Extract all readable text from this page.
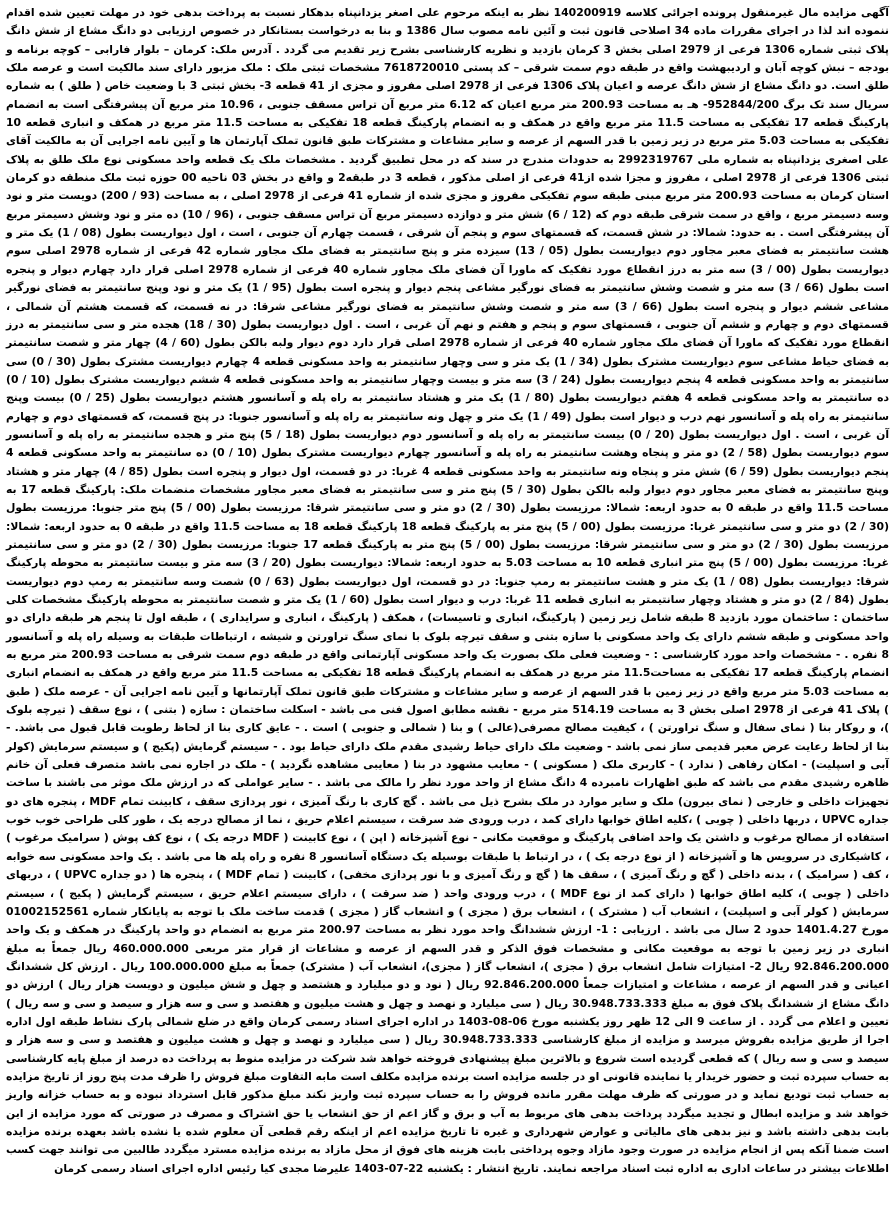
آگهی مزایده مال غیرمنقول پرونده اجرائی کلاسه 140200919 نظر به اینکه مرحوم علی اصغر یزدانپناه بدهکار نسبت به پرداخت بدهی خود در مهلت تعیین شده اقدام ننموده اند لذا در اجرای مقررات ماده 34 اصلاحی قانون ثبت و آئین نامه مصوب سال 1386 و بنا به درخواست بستانکار در خصوص ارزیابی دو دانگ مشاع از شش دانگ پلاک ثبتی شماره 1306 فرعی از 2979 اصلی بخش 3 کرمان بازدید و نظریه کارشناسی بشرح زیر تقدیم می گردد . آدرس ملک: کرمان – بلوار فارابی – کوچه برنامه و بودجه – نبش کوچه آبان و اردیبهشت واقع در طبقه دوم سمت شرقی – کد پستی 7618720010 مشخصات ثبتی ملک : ملک مزبور دارای سند مالکیت است و عرصه ملک طلق است. دو دانگ مشاع از شش دانگ عرصه و اعیان پلاک 1306 فرعی از 2978 اصلی مفروز و مجزی از 41 قطعه 3- بخش ثبتی 3 با وضعیت خاص ( طلق ) به شماره سریال سند تک برگ 952844/200- هـ به مساحت 200.93 متر مربع اعیان که 6.12 متر مربع آن تراس مسقف جنوبی ، 10.96 متر مربع آن پیشرفتگی است به انضمام پارکینگ قطعه 17 تفکیکی به مساحت 11.5 متر مربع واقع در همکف و به انضمام پارکینگ قطعه 18 تفکیکی به مساحت 11.5 متر مربع در همکف و انباری قطعه 10 تفکیکی به مساحت 5.03 متر مربع در زیر زمین با قدر السهم از عرصه و سایر مشاعات و مشترکات طبق قانون تملک آپارتمان ها و آیین نامه اجرایی آن به مالکیت آقای علی اصغری یزدانپناه به شماره ملی 2992319767 به حدودات مندرج در سند که در محل تطبیق گردید . مشخصات ملک یک قطعه واحد مسکونی نوع ملک طلق به پلاک ثبتی 1306 فرعی از 2978 اصلی ، مفروز و مجزا شده از41 فرعی از اصلی مذکور ، قطعه 3 در طبقه2 و واقع در بخش 03 ناحیه 00 حوزه ثبت ملک منطقه دو کرمان استان کرمان به مساحت 200.93 متر مربع مبنی طبقه سوم تفکیکی مفروز و مجزی شده از شماره 41 فرعی از 2978 اصلی ، به مساحت (93 / 200) دویست متر و نود وسه دسیمتر مربع ، واقع در سمت شرقی طبقه دوم که (12 / 6) شش متر و دوازده دسیمتر مربع آن تراس مسقف جنوبی ، (96 / 10) ده متر و نود وشش دسیمتر مربع آن پیشرفتگی است . به حدود: شمالا: در شش قسمت، که قسمتهای سوم و پنجم آن شرقی ، قسمت چهارم آن جنوبی ، است ، اول دیواریست بطول (08 / 1) یک متر و هشت سانتیمتر به فضای معبر مجاور دوم دیواریست بطول (05 / 13) سیزده متر و پنج سانتیمتر به فضای ملک مجاور شماره 42 فرعی از شماره 2978 اصلی سوم دیواریست بطول (00 / 3) سه متر به درز انقطاع مورد تفکیک که ماورا آن فضای ملک مجاور شماره 40 فرعی از شماره 2978 اصلی قرار دارد چهارم دیوار و پنجره است بطول (66 / 3) سه متر و شصت وشش سانتیمتر به فضای نورگیر مشاعی پنجم دیوار و پنجره است بطول (95 / 1) یک متر و نود وپنج سانتیمتر به فضای نورگیر مشاعی ششم دیوار و پنجره است بطول (66 / 3) سه متر و شصت وشش سانتیمتر به فضای نورگیر مشاعی شرقا: در نه قسمت، که قسمت هشتم آن شمالی ، قسمتهای دوم و چهارم و ششم آن جنوبی ، قسمتهای سوم و پنجم و هفتم و نهم آن غربی ، است . اول دیواریست بطول (30 / 18) هجده متر و سی سانتیمتر به درز انقطاع مورد تفکیک که ماورا آن فضای ملک مجاور شماره 40 فرعی از شماره 2978 اصلی قرار دارد دوم دیوار ولبه بالکن بطول (60 / 4) چهار متر و شصت سانتیمتر به فضای حیاط مشاعی سوم دیواریست مشترک بطول (34 / 1) یک متر و سی وچهار سانتیمتر به واحد مسکونی قطعه 4 چهارم دیواریست مشترک بطول (30 / 0) سی سانتیمتر به واحد مسکونی قطعه 4 پنجم دیواریست بطول (24 / 3) سه متر و بیست وچهار سانتیمتر به واحد مسکونی قطعه 4 ششم دیواریست مشترک بطول (10 / 0) ده سانتیمتر به واحد مسکونی قطعه 4 هفتم دیواریست بطول (80 / 1) یک متر و هشتاد سانتیمتر به راه پله و آسانسور هشتم دیواریست بطول (25 / 0) بیست وپنج سانتیمتر به راه پله و آسانسور نهم درب و دیوار است بطول (49 / 1) یک متر و چهل ونه سانتیمتر به راه پله و آسانسور جنوبا: در پنج قسمت، که قسمتهای دوم و چهارم آن غربی ، است . اول دیواریست بطول (20 / 0) بیست سانتیمتر به راه پله و آسانسور دوم دیواریست بطول (18 / 5) پنج متر و هجده سانتیمتر به راه پله و آسانسور سوم دیواریست بطول (58 / 2) دو متر و پنجاه وهشت سانتیمتر به راه پله و آسانسور چهارم دیواریست مشترک بطول (10 / 0) ده سانتیمتر به واحد مسکونی قطعه 4 پنجم دیواریست بطول (59 / 6) شش متر و پنجاه ونه سانتیمتر به واحد مسکونی قطعه 4 غربا: در دو قسمت، اول دیوار و پنجره است بطول (85 / 4) چهار متر و هشتاد وپنج سانتیمتر به فضای معبر مجاور دوم دیوار ولبه بالکن بطول (30 / 5) پنج متر و سی سانتیمتر به فضای معبر مجاور مشخصات منضمات ملک: پارکینگ قطعه 17 به مساحت 11.5 واقع در طبقه 0 به حدود اربعه: شمالا: مرزیست بطول (30 / 2) دو متر و سی سانتیمتر شرقا: مرزیست بطول (00 / 5) پنج متر جنوبا: مرزیست بطول (30 / 2) دو متر و سی سانتیمتر غربا: مرزیست بطول (00 / 5) پنج متر به پارکینگ قطعه 18 پارکینگ قطعه 18 به مساحت 11.5 واقع در طبقه 0 به حدود اربعه: شمالا: مرزیست بطول (30 / 2) دو متر و سی سانتیمتر شرقا: مرزیست بطول (00 / 5) پنج متر به پارکینگ قطعه 17 جنوبا: مرزیست بطول (30 / 2) دو متر و سی سانتیمتر غربا: مرزیست بطول (00 / 5) پنج متر انباری قطعه 10 به مساحت 5.03 به حدود اربعه: شمالا: دیواریست بطول (20 / 3) سه متر و بیست سانتیمتر به محوطه پارکینگ شرقا: دیواریست بطول (08 / 1) یک متر و هشت سانتیمتر به رمپ جنوبا: در دو قسمت، اول دیواریست بطول (63 / 0) شصت وسه سانتیمتر به رمپ دوم دیواریست بطول (84 / 2) دو متر و هشتاد وچهار سانتیمتر به انباری قطعه 11 غربا: درب و دیوار است بطول (60 / 1) یک متر و شصت سانتیمتر به محوطه پارکینگ مشخصات کلی ساختمان : ساختمان مورد بازدید 8 طبقه شامل زیر زمین ( پارکینگ، انباری و تاسیسات) ، همکف ( پارکینگ ، انباری و سرایداری ) ، طبقه اول تا پنجم هر طبقه دارای دو واحد مسکونی و طبقه ششم دارای یک واحد مسکونی با سازه بتنی و سقف تیرچه بلوک با نمای سنگ تراورتن و شیشه ، ارتباطات طبقات به وسیله راه پله و آسانسور 8 نفره . - مشخصات واحد مورد کارشناسی : - وضعیت فعلی ملک بصورت یک واحد مسکونی آپارتمانی واقع در طبقه دوم سمت شرقی به مساحت 200.93 متر مربع به انضمام پارکینگ قطعه 17 تفکیکی به مساحت11.5 متر مربع در همکف به انضمام پارکینگ قطعه 18 تفکیکی به مساحت 11.5 متر مربع واقع در همکف به انضمام انباری به مساحت 5.03 متر مربع واقع در زیر زمین با قدر السهم از عرصه و سایر مشاعات و مشترکات طبق قانون تملک آپارتمانها و آیین نامه اجرایی آن - عرصه ملک ( طبق ) پلاک 41 فرعی از 2978 اصلی بخش 3 به مساحت 514.19 متر مربع - نقشه مطابق اصول فنی می باشد - اسکلت ساختمان : سازه ( بتنی ) ، نوع سقف ( تیرچه بلوک )، و روکار بنا ( نمای سفال و سنگ تراورتن ) ، کیفیت مصالح مصرفی(عالی ) و بنا ( شمالی و جنوبی ) است . - عایق کاری بنا از لحاظ رطوبت قابل قبول می باشد. - بنا از لحاظ رعایت عرض معبر قدیمی ساز نمی باشد - وضعیت ملک دارای حیاط رشیدی مقدم ملک دارای حیاط بود . - سیستم گرمایش (پکیج ) و سیستم سرمایش (کولر آبی و اسپلیت) - امکان رفاهی ( ندارد ) - کاربری ملک ( مسکونی ) - معایب مشهود در بنا ( معایبی مشاهده نگردید ) - ملک در اجاره نمی باشد متصرف فعلی آن خانم ظاهره رشیدی مقدم می باشد که طبق اظهارات نامبرده 4 دانگ مشاع از واحد مورد نظر را مالک می باشد . - سایر عواملی که در ارزش ملک موثر می باشند با ساخت تجهیزات داخلی و خارجی ( نمای بیرون) ملک و سایر موارد در ملک بشرح ذیل می باشد . گچ کاری با رنگ آمیزی ، نور پردازی سقف ، کابینت تمام MDF ، پنجره های دو جداره UPVC ، دربها داخلی ( چوبی ) ،کلیه اطاق خوابها دارای کمد ، درب ورودی ضد سرقت ، سیستم اعلام حریق ، نما از مصالح درجه یک ، طور کلی طراحی خوب خوب استفاده از مصالح مرغوب و داشتن یک واحد اضافی پارکینگ و موقعیت مکانی - نوع آشپزخانه ( اپن ) ، نوع کابینت ( MDF درجه یک ) ، نوع کف پوش ( سرامیک مرغوب ) ، کاشیکاری در سرویس ها و آشپزخانه ( از نوع درجه یک ) ، در ارتباط با طبقات بوسیله یک دستگاه آسانسور 8 نفره و راه پله ها می باشد . یک واحد مسکونی سه خوابه ، کف ( سرامیک ) ، بدنه داخلی ( گچ و رنگ آمیزی ) ، سقف ها ( گچ و رنگ آمیزی و با نور پردازی مخفی) ، کابینت ( تمام MDF ) ، پنجره ها ( دو جداره UPVC ) ، دربهای داخلی ( چوبی )، کلیه اطاق خوابها ( دارای کمد از نوع MDF ) ، درب ورودی واحد ( ضد سرقت ) ، دارای سیستم اعلام حریق ، سیستم گرمایش ( پکیج ) ، سیستم سرمایش ( کولر آبی و اسپلیت) ، انشعاب آب ( مشترک ) ، انشعاب برق ( مجزی ) و انشعاب گاز ( مجزی ) قدمت ساخت ملک با توجه به پایانکار شماره 01002152561 مورخ 1401.4.27 حدود 2 سال می باشد . ارزیابی : 1- ارزش ششدانگ واحد مورد نظر به مساحت 200.97 متر مربع به انضمام دو واحد پارکینگ در همکف و یک واحد انباری در زیر زمین با توجه به موقعیت مکانی و مشخصات فوق الذکر و قدر السهم از عرصه و مشاعات از قرار متر مربعی 460.000.000 ریال جمعاً به مبلغ 92.846.200.000 ریال 2- امتیازات شامل انشعاب برق ( مجزی )، انشعاب گاز ( مجزی)، انشعاب آب ( مشترک) جمعاً به مبلغ 100.000.000 ریال . ارزش کل ششدانگ اعیانی و قدر السهم از عرصه ، مشاعات و امتیازات جمعاً 92.846.200.000 ریال ( نود و دو میلیارد و هشتصد و چهل و شش میلیون و دویست هزار ریال ) ارزش دو دانگ مشاع از ششدانگ پلاک فوق به مبلغ 30.948.733.333 ریال ( سی میلیارد و نهصد و چهل و هشت میلیون و هفتصد و سی و سه هزار و سیصد و سی و سه ریال ) تعیین و اعلام می گردد . از ساعت 9 الی 12 ظهر روز یکشنبه مورخ 06-08-1403 در اداره اجرای اسناد رسمی کرمان واقع در ضلع شمالی پارک نشاط طبقه اول اداره اجرا از طریق مزایده بفروش میرسد و مزایده از مبلغ کارشناسی 30.948.733.333 ریال ( سی میلیارد و نهصد و چهل و هشت میلیون و هفتصد و سی و سه هزار و سیصد و سی و سه ریال ) که قطعی گردیده است شروع و بالاترین مبلغ پیشنهادی فروخته خواهد شد شرکت در مزایده منوط به پرداخت ده درصد از مبلغ پایه کارشناسی به حساب سپرده ثبت و حضور خریدار یا نماینده قانونی او در جلسه مزایده است برنده مزایده مکلف است مابه التفاوت مبلغ فروش را ظرف مدت پنج روز از تاریخ مزایده به حساب ثبت تودیع نماید و در صورتی که ظرف مهلت مقرر مانده فروش را به حساب سپرده ثبت واریز نکند مبلغ مذکور قابل استرداد نبوده و به حساب خزانه واریز خواهد شد و مزایده ابطال و تجدید میگردد پرداخت بدهی های مربوط به آب و برق و گاز اعم از حق انشعاب یا حق اشتراک و مصرف در صورتی که مورد مزایده از این بابت بدهی داشته باشد و نیز بدهی های مالیاتی و عوارض شهرداری و غیره تا تاریخ مزایده اعم از اینکه رقم قطعی آن معلوم شده یا نشده باشد بعهده برنده مزایده است ضمنا آنکه پس از انجام مزایده در صورت وجود مازاد وجوه پرداختی بابت هزینه های فوق از محل مازاد به برنده مزایده مسترد میگردد طالبین می توانند جهت کسب اطلاعات بیشتر در ساعات اداری به اداره ثبت اسناد مراجعه نمایند. تاریخ انتشار : یکشنبه 22-07-1403 علیرضا مجدی کیا رئیس اداره اجرای اسناد رسمی کرمان
